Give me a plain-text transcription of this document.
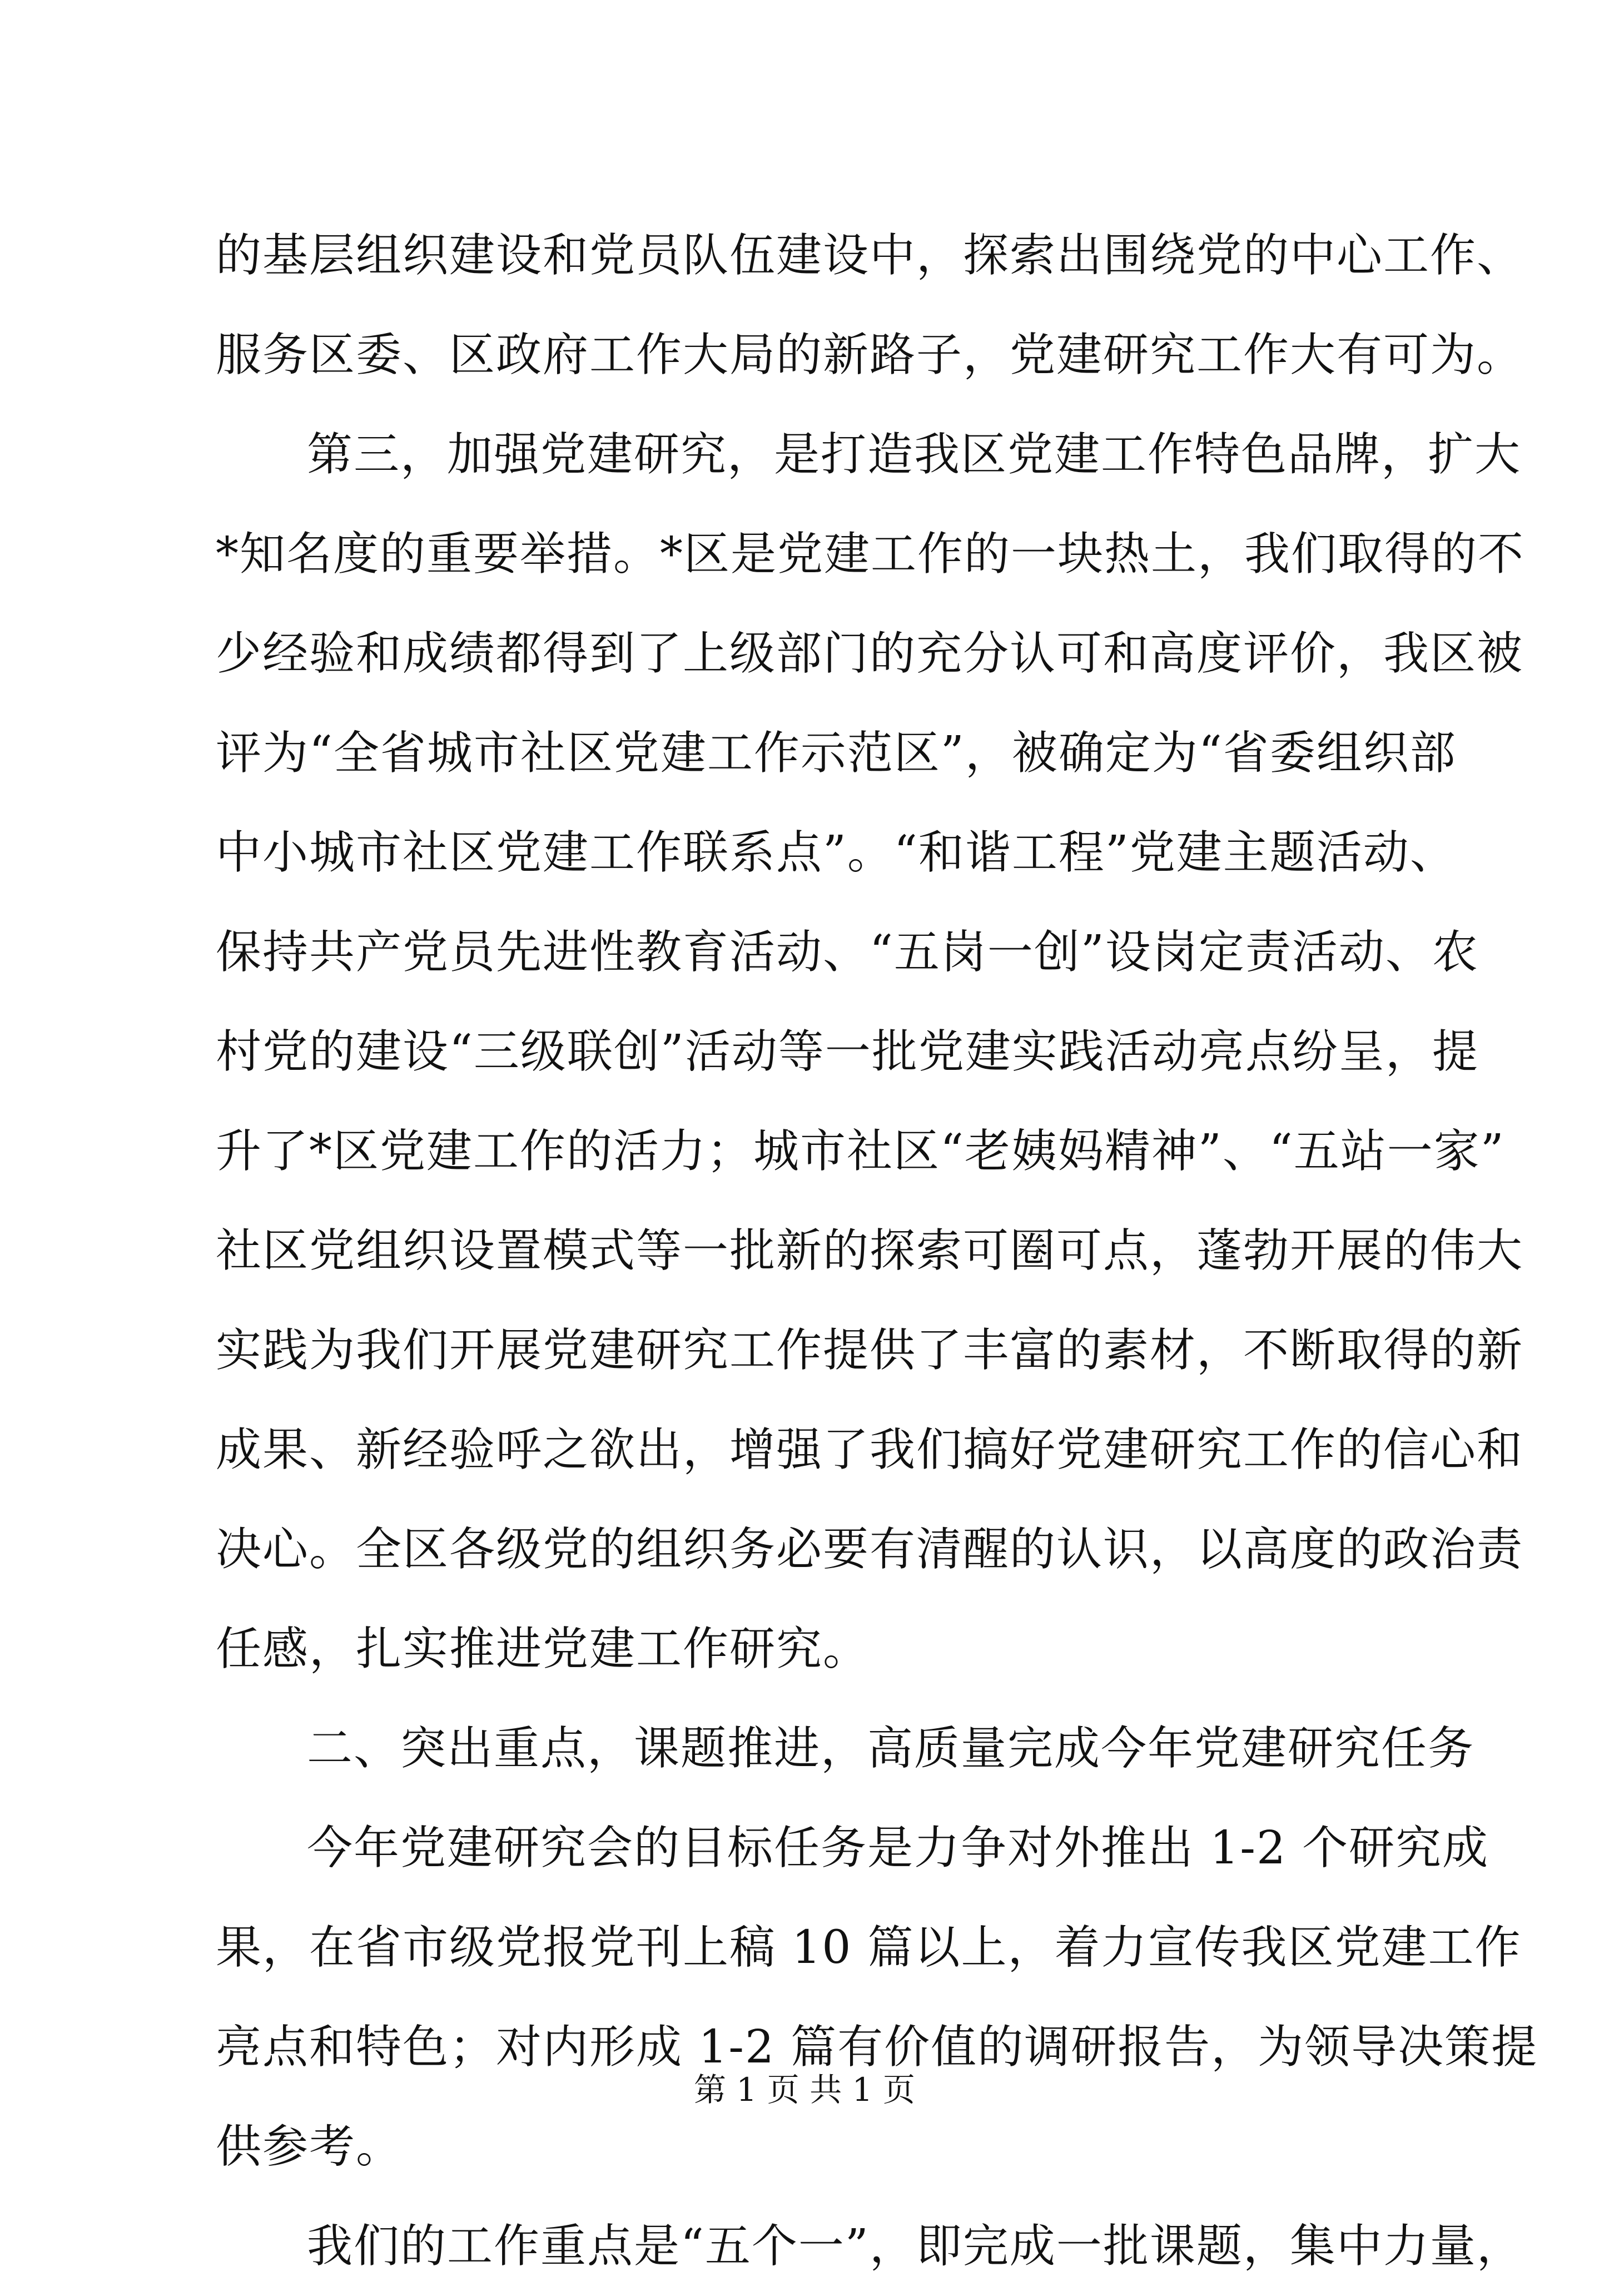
的基层组织建设和党员队伍建设中，探索出围绕党的中心工作、
服务区委、区政府工作大局的新路子，党建研究工作大有可为。
第三，加强党建研究，是打造我区党建工作特色品牌，扩大
*知名度的重要举措。*区是党建工作的一块热土，我们取得的不
少经验和成绩都得到了上级部门的充分认可和高度评价，我区被
评为“全省城市社区党建工作示范区”，被确定为“省委组织部
中小城市社区党建工作联系点”。“和谐工程”党建主题活动、
保持共产党员先进性教育活动、“五岗一创”设岗定责活动、农
村党的建设“三级联创”活动等一批党建实践活动亮点纷呈，提
升了*区党建工作的活力；城市社区“老姨妈精神”、“五站一家”
社区党组织设置模式等一批新的探索可圈可点，蓬勃开展的伟大
实践为我们开展党建研究工作提供了丰富的素材，不断取得的新
成果、新经验呼之欲出，增强了我们搞好党建研究工作的信心和
决心。全区各级党的组织务必要有清醒的认识，以高度的政治责
任感，扎实推进党建工作研究。
二、突出重点，课题推进，高质量完成今年党建研究任务
今年党建研究会的目标任务是力争对外推出 1-2 个研究成
果，在省市级党报党刊上稿 10 篇以上，着力宣传我区党建工作
亮点和特色；对内形成 1-2 篇有价值的调研报告，为领导决策提
供参考。
我们的工作重点是“五个一”，即完成一批课题，集中力量，
第 1 页 共 1 页
